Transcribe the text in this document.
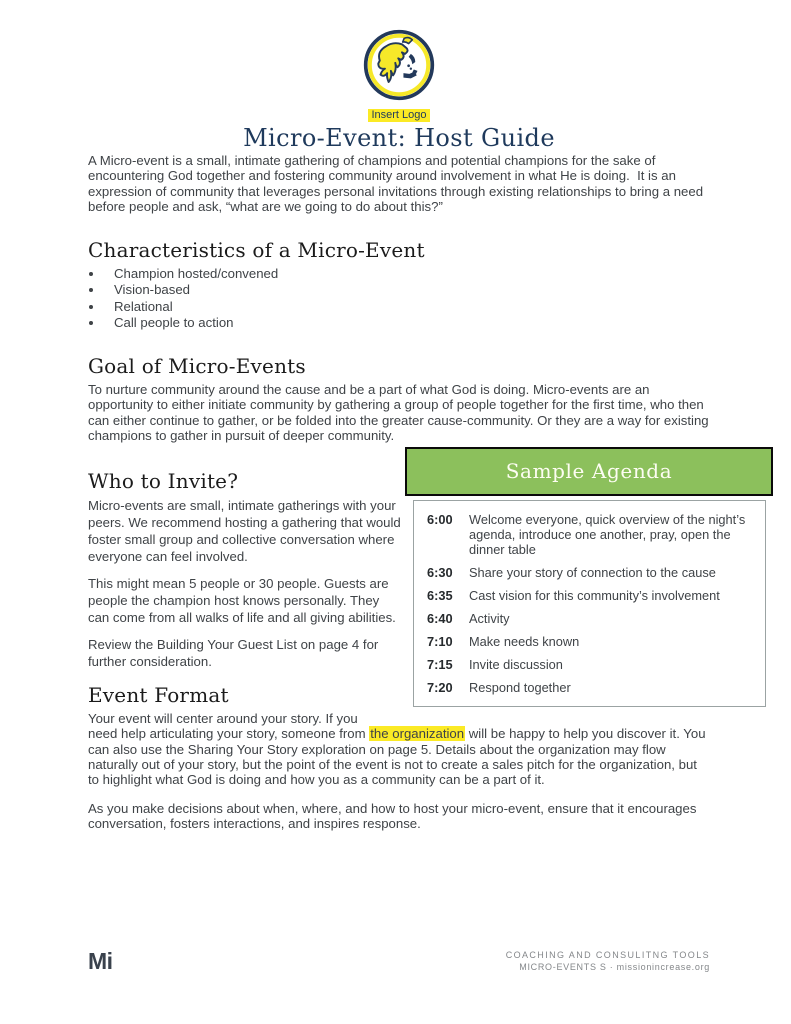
Insert Logo
Micro-Event: Host Guide

A Micro-event is a small, intimate gathering of champions and potential champions for the sake of encountering God together and fostering community around involvement in what He is doing.  It is an expression of community that leverages personal invitations through existing relationships to bring a need before people and ask, “what are we going to do about this?”

Characteristics of a Micro-Event
• Champion hosted/convened
• Vision-based
• Relational
• Call people to action
Goal of Micro-Events

To nurture community around the cause and be a part of what God is doing. Micro-events are an opportunity to either initiate community by gathering a group of people together for the first time, who then can either continue to gather, or be folded into the greater cause-community. Or they are a way for existing champions to gather in pursuit of deeper community.

Who to Invite?

Micro-events are small, intimate gatherings with your peers. We recommend hosting a gathering that would foster small group and collective conversation where everyone can feel involved.

This might mean 5 people or 30 people. Guests are people the champion host knows personally. They can come from all walks of life and all giving abilities.

Review the Building Your Guest List on page 4 for further consideration.

Event Format

Your event will center around your story. If you

need help articulating your story, someone from the organization will be happy to help you discover it. You can also use the Sharing Your Story exploration on page 5. Details about the organization may flow naturally out of your story, but the point of the event is not to create a sales pitch for the organization, but to highlight what God is doing and how you as a community can be a part of it.

As you make decisions about when, where, and how to host your micro-event, ensure that it encourages conversation, fosters interactions, and inspires response.

Sample Agenda
6:00	Welcome everyone, quick overview of the night’s agenda, introduce one another, pray, open the dinner table
6:30	Share your story of connection to the cause
6:35	Cast vision for this community’s involvement
6:40	Activity
7:10	Make needs known
7:15	Invite discussion
7:20	Respond together
Mi	COACHING AND CONSULITNG TOOLS
MICRO-EVENTS S · missionincrease.org
